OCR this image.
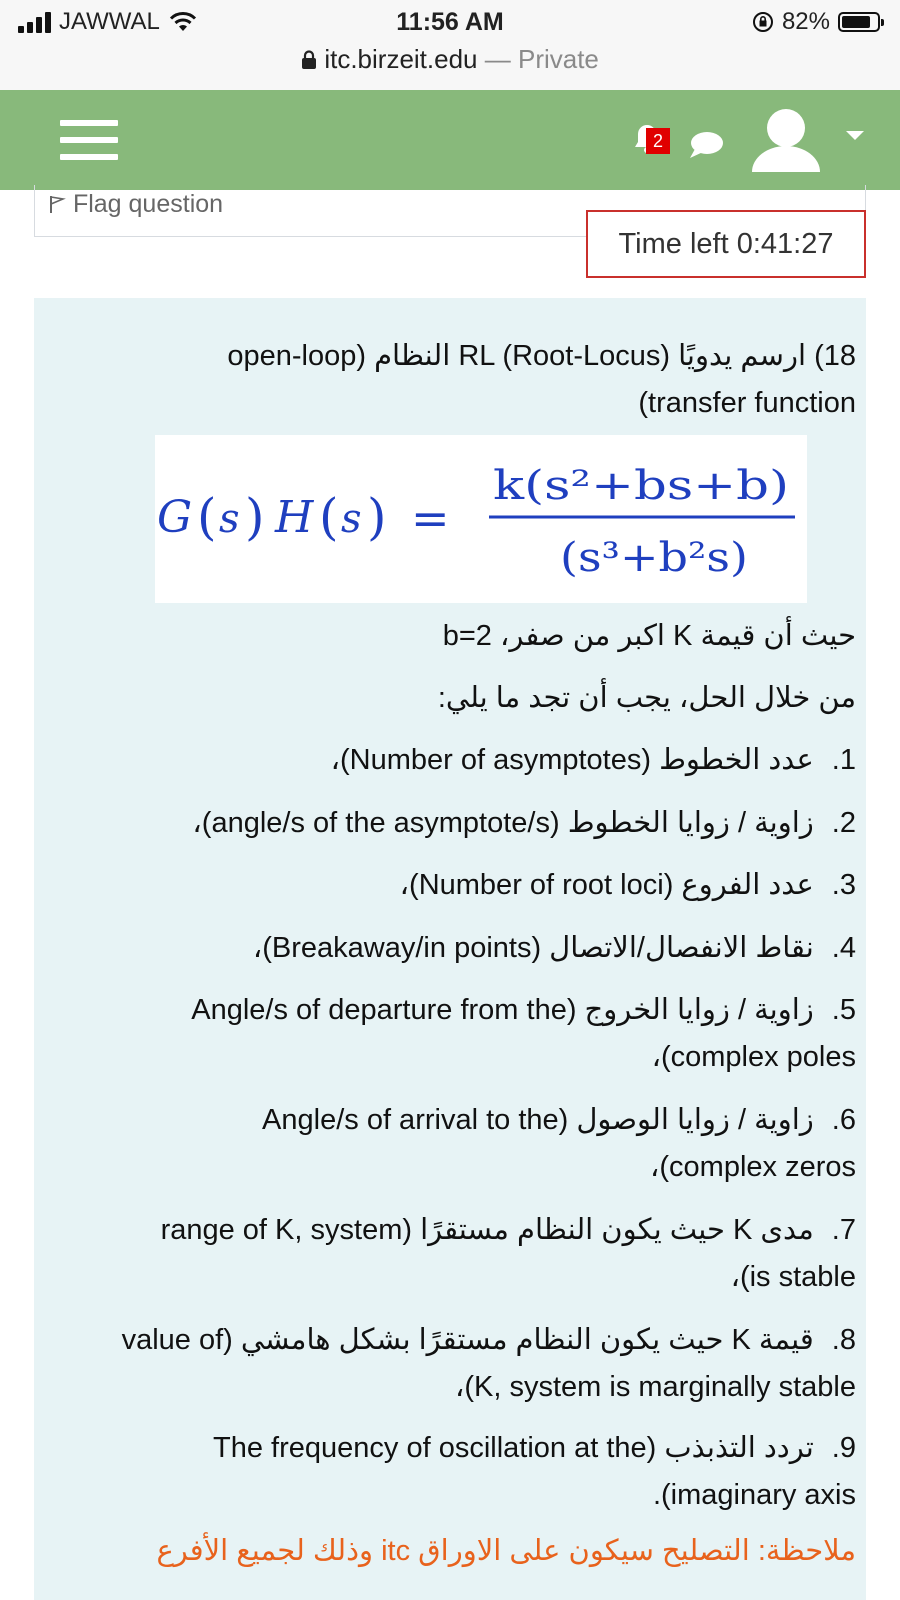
JAWWAL	11:56 AM	82%
itc.birzeit.edu — Private
2
Flag question
Time left 0:41:27
18) ارسم يدويًا RL (Root-Locus) النظام (open-loop
transfer function)
G ( s ) H ( s ) =
k(s²+bs+b)
(s³+b²s)
حيث أن قيمة K اكبر من صفر، b=2
من خلال الحل، يجب أن تجد ما يلي:
1.عدد الخطوط (Number of asymptotes)،
2.زاوية / زوايا الخطوط (angle/s of the asymptote/s)،
3.عدد الفروع (Number of root loci)،
4.نقاط الانفصال/الاتصال (Breakaway/in points)،
5.زاوية / زوايا الخروج (Angle/s of departure from the
complex poles)،
6.زاوية / زوايا الوصول (Angle/s of arrival to the
complex zeros)،
7.مدى K حيث يكون النظام مستقرًا (range of K, system
is stable)،
8.قيمة K حيث يكون النظام مستقرًا بشكل هامشي (value of
K, system is marginally stable)،
9.تردد التذبذب (The frequency of oscillation at the
imaginary axis).
ملاحظة: التصليح سيكون على الاوراق itc وذلك لجميع الأفرع
